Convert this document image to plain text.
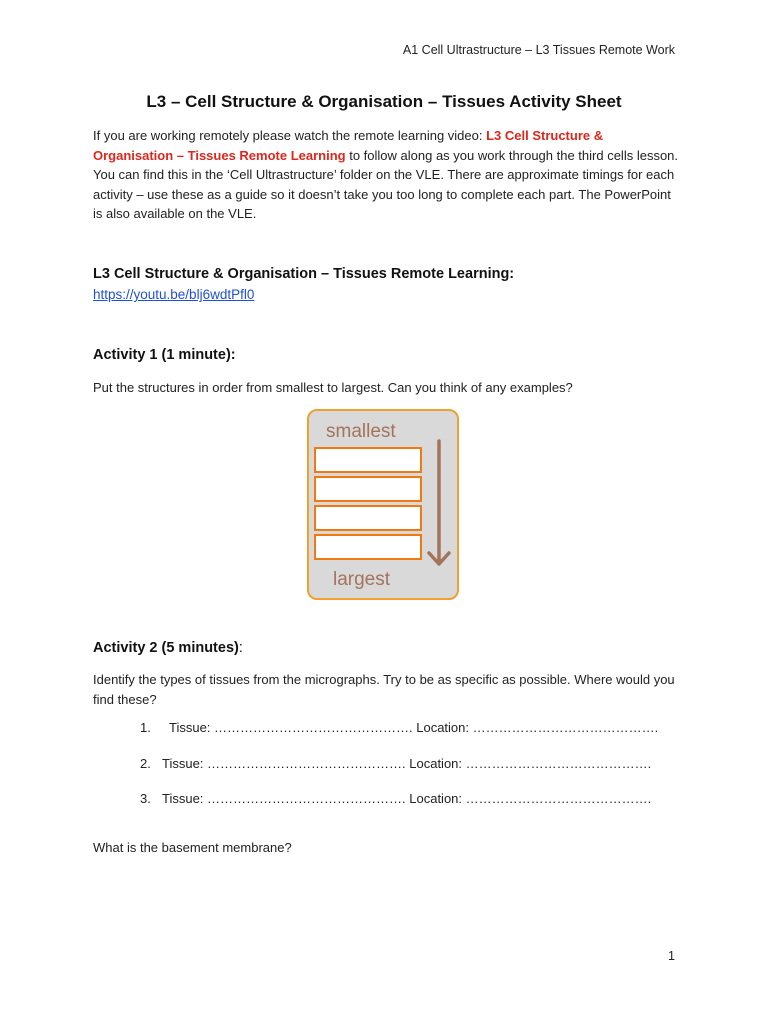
A1 Cell Ultrastructure – L3 Tissues Remote Work
L3 – Cell Structure & Organisation – Tissues Activity Sheet
If you are working remotely please watch the remote learning video: L3 Cell Structure & Organisation – Tissues Remote Learning to follow along as you work through the third cells lesson. You can find this in the ‘Cell Ultrastructure’ folder on the VLE. There are approximate timings for each activity – use these as a guide so it doesn’t take you too long to complete each part. The PowerPoint is also available on the VLE.
L3 Cell Structure & Organisation – Tissues Remote Learning:
https://youtu.be/blj6wdtPfl0
Activity 1 (1 minute):
Put the structures in order from smallest to largest. Can you think of any examples?
smallest
largest
Activity 2 (5 minutes):
Identify the types of tissues from the micrographs. Try to be as specific as possible. Where would you find these?
1.  Tissue: ………………………………………. Location: …………………………………….
2. Tissue: ………………………………………. Location: …………………………………….
3. Tissue: ………………………………………. Location: …………………………………….
What is the basement membrane?
1
